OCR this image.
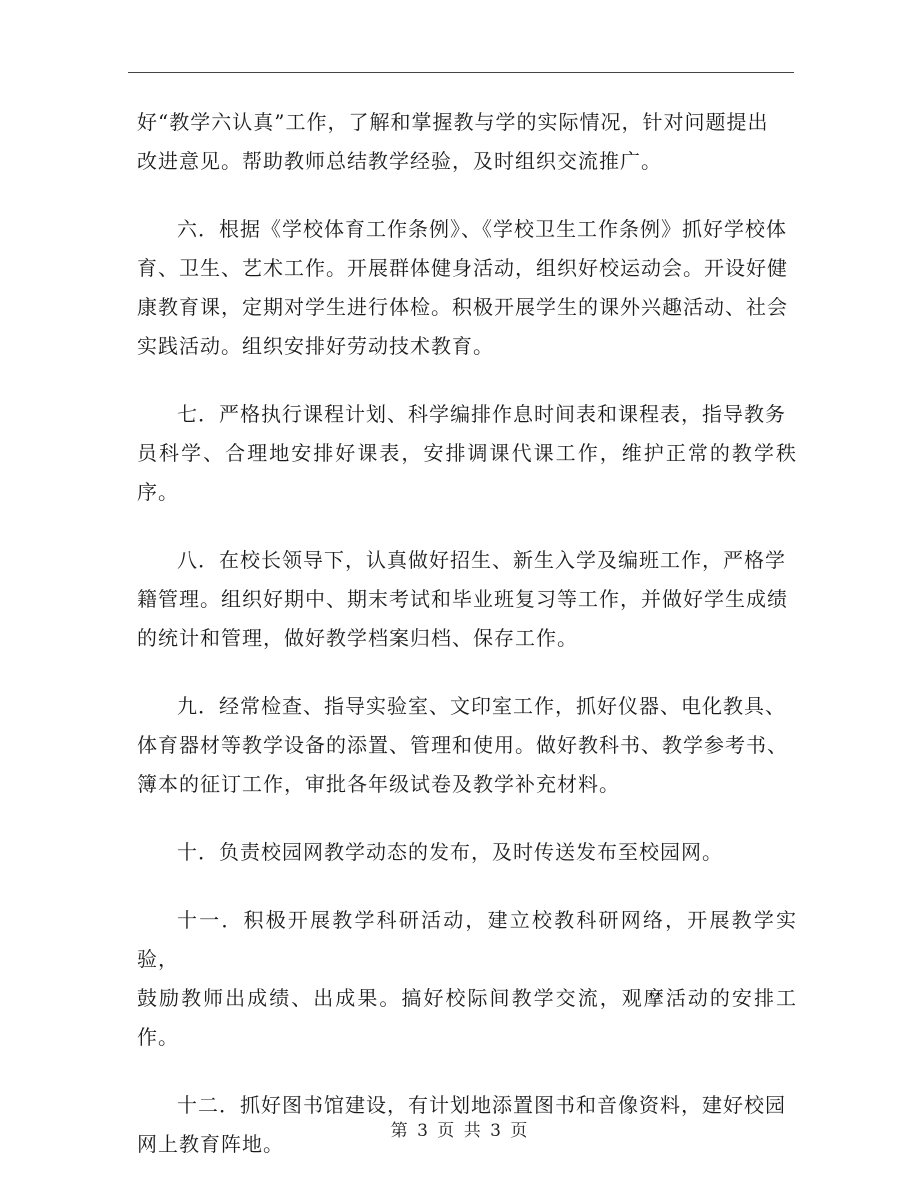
好“教学六认真”工作，了解和掌握教与学的实际情况，针对问题提出
改进意见。帮助教师总结教学经验，及时组织交流推广。

六．根据《学校体育工作条例》、《学校卫生工作条例》抓好学校体
育、卫生、艺术工作。开展群体健身活动，组织好校运动会。开设好健
康教育课，定期对学生进行体检。积极开展学生的课外兴趣活动、社会
实践活动。组织安排好劳动技术教育。

七．严格执行课程计划、科学编排作息时间表和课程表，指导教务
员科学、合理地安排好课表，安排调课代课工作，维护正常的教学秩序。

八．在校长领导下，认真做好招生、新生入学及编班工作，严格学
籍管理。组织好期中、期末考试和毕业班复习等工作，并做好学生成绩
的统计和管理，做好教学档案归档、保存工作。

九．经常检查、指导实验室、文印室工作，抓好仪器、电化教具、
体育器材等教学设备的添置、管理和使用。做好教科书、教学参考书、
簿本的征订工作，审批各年级试卷及教学补充材料。

十．负责校园网教学动态的发布，及时传送发布至校园网。

十一．积极开展教学科研活动，建立校教科研网络，开展教学实验，
鼓励教师出成绩、出成果。搞好校际间教学交流，观摩活动的安排工作。

十二．抓好图书馆建设，有计划地添置图书和音像资料，建好校园
网上教育阵地。

第 3 页 共 3 页
